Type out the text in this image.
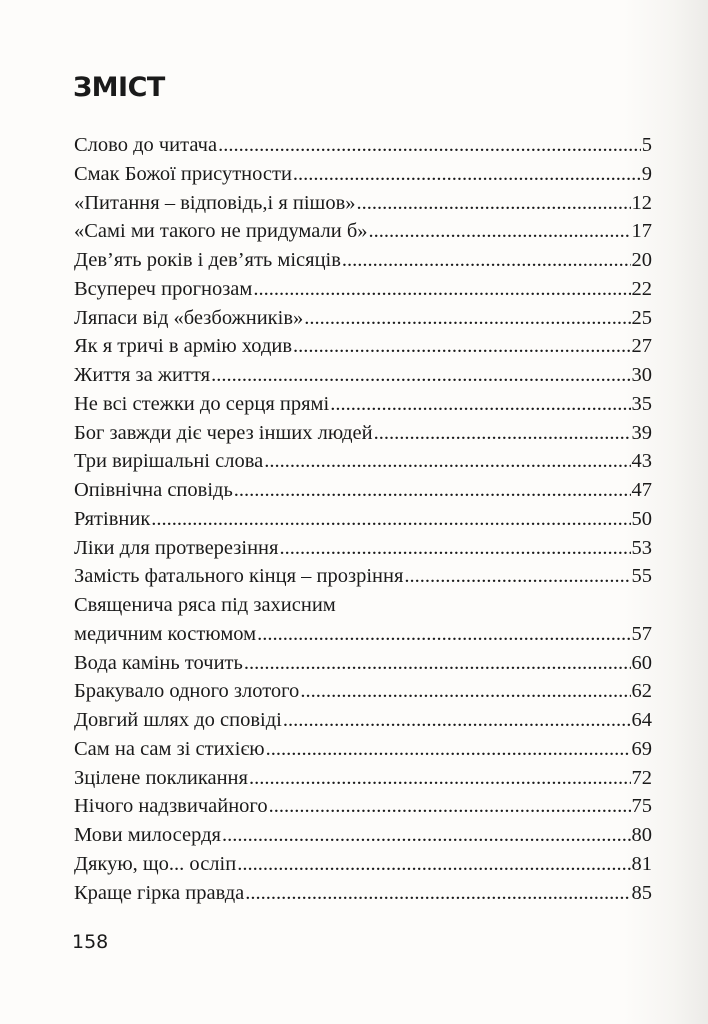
ЗМІСТ
Слово до читача .....	5
Смак Божої присутности .....	9
«Питання – відповідь,і я пішов» .....	12
«Самі ми такого не придумали б» .....	17
Дев’ять років і дев’ять місяців .....	20
Всупереч прогнозам .....	22
Ляпаси від «безбожників» .....	25
Як я тричі в армію ходив .....	27
Життя за життя .....	30
Не всі стежки до серця прямі .....	35
Бог завжди діє через інших людей .....	39
Три вирішальні слова .....	43
Опівнічна сповідь .....	47
Рятівник .....	50
Ліки для протверезіння .....	53
Замість фатального кінця – прозріння .....	55
Священича ряса під захисним
медичним костюмом .....	57
Вода камінь точить .....	60
Бракувало одного злотого .....	62
Довгий шлях до сповіді .....	64
Сам на сам зі стихією .....	69
Зцілене покликання .....	72
Нічого надзвичайного .....	75
Мови милосердя .....	80
Дякую, що... осліп .....	81
Краще гірка правда .....	85

158
